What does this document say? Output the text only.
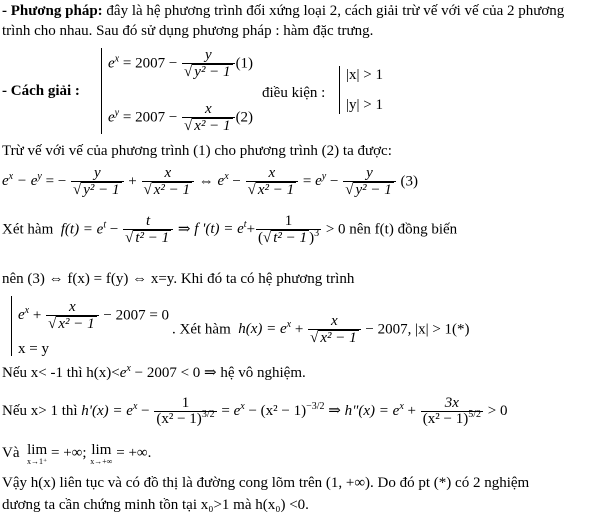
- Phương pháp: đây là hệ phương trình đối xứng loại 2, cách giải trừ vế với vế của 2 phương
trình cho nhau. Sau đó sử dụng phương pháp : hàm đặc trưng.
- Cách giải :
$e^x = 2007 - \frac{y}{\text{√ y² − 1}} (1)$
$e^y = 2007 - \frac{x}{\text{√ x² − 1}} (2)$
điều kiện :
|x| > 1
|y| > 1
Trừ vế với vế của phương trình (1) cho phương trình (2) ta được:
$e^x - e^y$ = − $\frac{y}{\text{√ y² − 1}} + \frac{x}{\text{√ x² − 1}}$ ⇔ $e^x - \frac{x}{\text{√ x² − 1}} = e^y - \frac{y}{\text{√ y² − 1}} (3)$
Xét hàm $f(t) = e^t - \frac{t}{\text{√ t² − 1}}$ ⇒ f '$(t) = e^t+ \frac{1}{(√ t^2 - 1 )^3} > 0$ nên f(t) đồng biến
nên (3) ⇔ f(x) = f(y) ⇔ x=y. Khi đó ta có hệ phương trình
$e^x + \frac{x}{\text{√ x² − 1}} - 2007 = 0$
x = y
. Xét hàm $h(x) = e^x + \frac{x}{\text{√ x² − 1}} - 2007$, |x| > 1(*)
Nếu x< -1 thì $h(x)<e^x - 2007 < 0$ ⇒ hệ vô nghiệm.
Nếu x> 1 thì $h'(x) = e^x - \frac{1}{(x^2 - 1)^{3/2}} = e^x - (x^2 - 1)^{-3/2}$ ⇒ h"(x) = $e^x + \frac{3x}{(x^2 - 1)^{5/2}} > 0$
Và lim
x→1⁺
= +∞; lim
x→+∞
= +∞.
Vậy h(x) liên tục và có đồ thị là đường cong lõm trên (1, +∞). Do đó pt (*) có 2 nghiệm
dương ta cần chứng minh tồn tại x₀>1 mà h(x₀) <0.
